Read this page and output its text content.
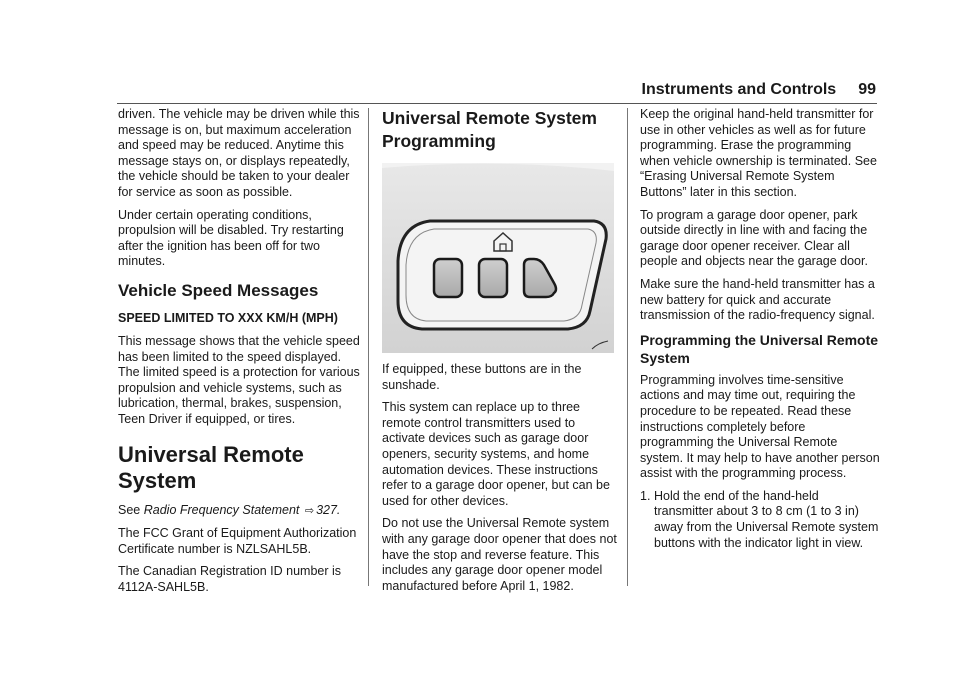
Instruments and Controls 99

driven. The vehicle may be driven while this message is on, but maximum acceleration and speed may be reduced. Anytime this message stays on, or displays repeatedly, the vehicle should be taken to your dealer for service as soon as possible.

Under certain operating conditions, propulsion will be disabled. Try restarting after the ignition has been off for two minutes.

Vehicle Speed Messages
SPEED LIMITED TO XXX KM/H (MPH)

This message shows that the vehicle speed has been limited to the speed displayed. The limited speed is a protection for various propulsion and vehicle systems, such as lubrication, thermal, brakes, suspension, Teen Driver if equipped, or tires.

Universal Remote System

See Radio Frequency Statement ⇨ 327.

The FCC Grant of Equipment Authorization Certificate number is NZLSAHL5B.

The Canadian Registration ID number is 4112A-SAHL5B.

Universal Remote System Programming

If equipped, these buttons are in the sunshade.

This system can replace up to three remote control transmitters used to activate devices such as garage door openers, security systems, and home automation devices. These instructions refer to a garage door opener, but can be used for other devices.

Do not use the Universal Remote system with any garage door opener that does not have the stop and reverse feature. This includes any garage door opener model manufactured before April 1, 1982.

Keep the original hand-held transmitter for use in other vehicles as well as for future programming. Erase the programming when vehicle ownership is terminated. See “Erasing Universal Remote System Buttons” later in this section.

To program a garage door opener, park outside directly in line with and facing the garage door opener receiver. Clear all people and objects near the garage door.

Make sure the hand-held transmitter has a new battery for quick and accurate transmission of the radio-frequency signal.

Programming the Universal Remote System

Programming involves time-sensitive actions and may time out, requiring the procedure to be repeated. Read these instructions completely before programming the Universal Remote system. It may help to have another person assist with the programming process.

1. Hold the end of the hand-held transmitter about 3 to 8 cm (1 to 3 in) away from the Universal Remote system buttons with the indicator light in view.
